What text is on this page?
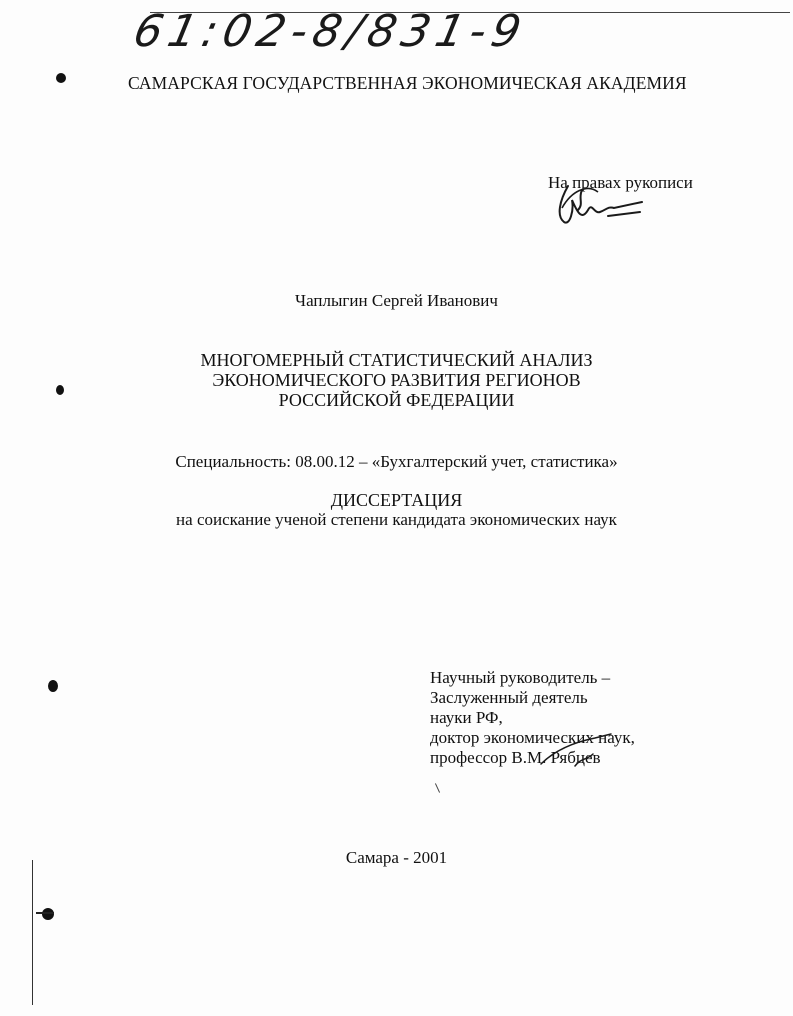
61:02-8/831-9
САМАРСКАЯ ГОСУДАРСТВЕННАЯ ЭКОНОМИЧЕСКАЯ АКАДЕМИЯ
На правах рукописи
Чаплыгин Сергей Иванович
МНОГОМЕРНЫЙ СТАТИСТИЧЕСКИЙ АНАЛИЗ
ЭКОНОМИЧЕСКОГО РАЗВИТИЯ РЕГИОНОВ
РОССИЙСКОЙ ФЕДЕРАЦИИ
Специальность: 08.00.12 – «Бухгалтерский учет, статистика»
ДИССЕРТАЦИЯ
на соискание ученой степени кандидата экономических наук
Научный руководитель –
Заслуженный деятель
науки РФ,
доктор экономических наук,
профессор В.М. Рябцев
Самара - 2001
